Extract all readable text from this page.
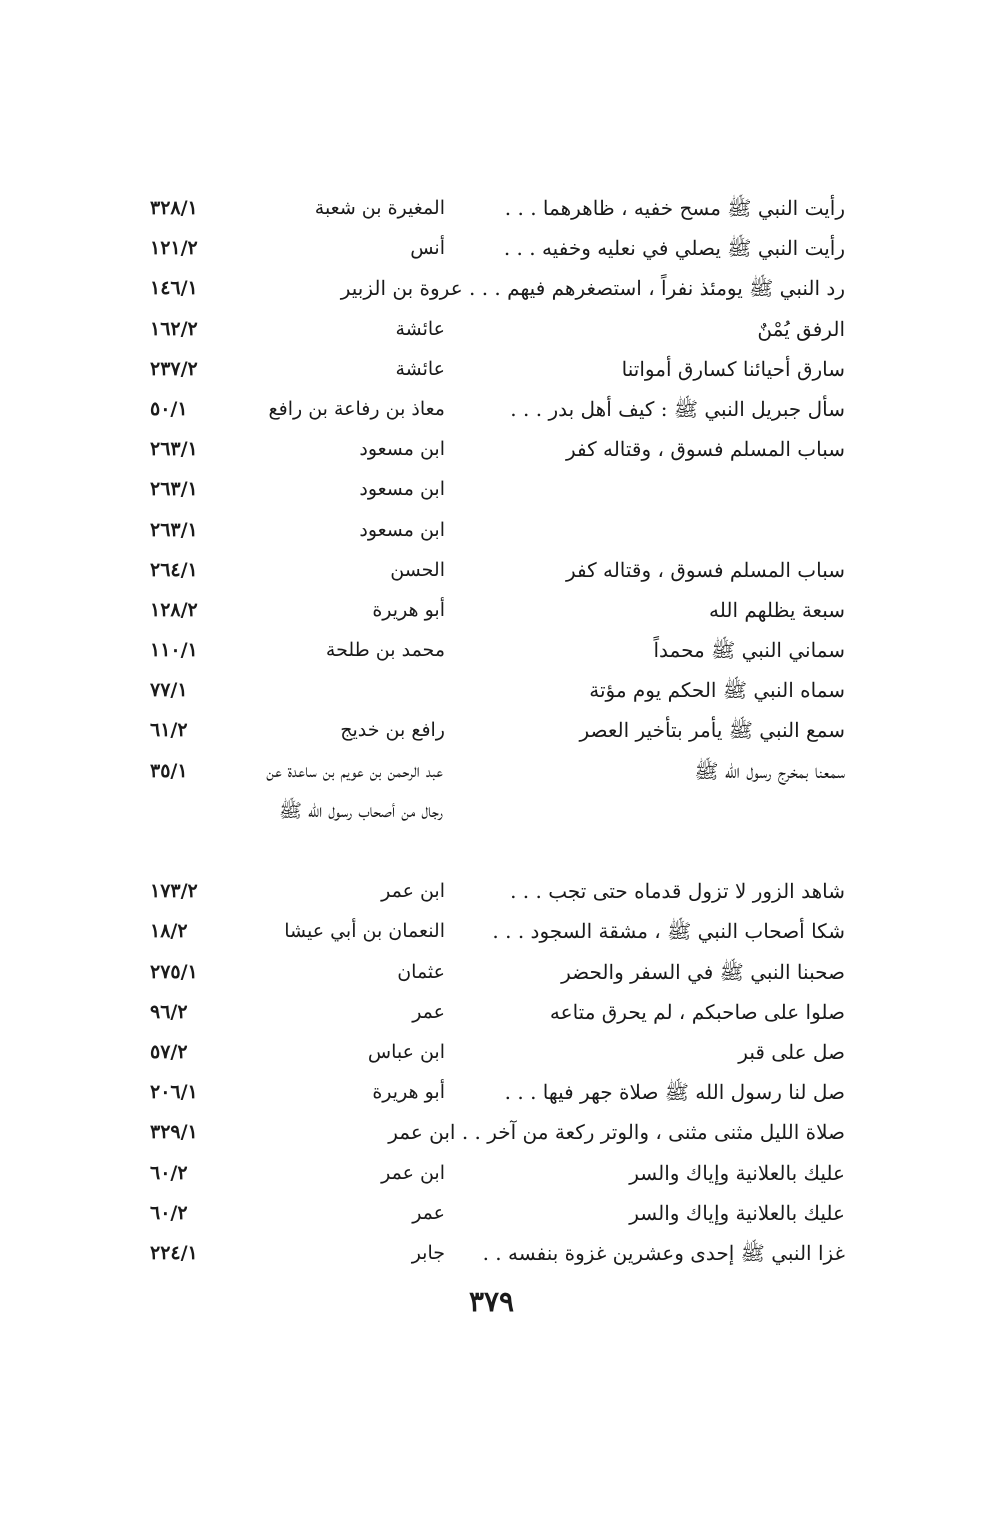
رأيت النبي ﷺ مسح خفيه ، ظاهرهما . . .
المغيرة بن شعبة
٣٢٨/١
رأيت النبي ﷺ يصلي في نعليه وخفيه . . .
أنس
١٢١/٢
رد النبي ﷺ يومئذ نفراً ، استصغرهم فيهم . . . عروة بن الزبير
١٤٦/١
الرفق يُمْنٌ
عائشة
١٦٢/٢
سارق أحيائنا كسارق أمواتنا
عائشة
٢٣٧/٢
سأل جبريل النبي ﷺ : كيف أهل بدر . . .
معاذ بن رفاعة بن رافع
٥٠/١
سباب المسلم فسوق ، وقتاله كفر
ابن مسعود
٢٦٣/١
ابن مسعود
٢٦٣/١
ابن مسعود
٢٦٣/١
سباب المسلم فسوق ، وقتاله كفر
الحسن
٢٦٤/١
سبعة يظلهم الله
أبو هريرة
١٢٨/٢
سماني النبي ﷺ محمداً
محمد بن طلحة
١١٠/١
سماه النبي ﷺ الحكم يوم مؤتة
٧٧/١
سمع النبي ﷺ يأمر بتأخير العصر
رافع بن خديج
٦١/٢
سمعنا بمخرج رسول الله ﷺ
عبد الرحمن بن عويم بن ساعدة عن رجال من أصحاب رسول الله ﷺ
٣٥/١
شاهد الزور لا تزول قدماه حتى تجب . . .
ابن عمر
١٧٣/٢
شكا أصحاب النبي ﷺ ، مشقة السجود . . .
النعمان بن أبي عيشا
١٨/٢
صحبنا النبي ﷺ في السفر والحضر
عثمان
٢٧٥/١
صلوا على صاحبكم ، لم يحرق متاعه
عمر
٩٦/٢
صل على قبر
ابن عباس
٥٧/٢
صل لنا رسول الله ﷺ صلاة جهر فيها . . .
أبو هريرة
٢٠٦/١
صلاة الليل مثنى مثنى ، والوتر ركعة من آخر . . ابن عمر
٣٢٩/١
عليك بالعلانية وإياك والسر
ابن عمر
٦٠/٢
عليك بالعلانية وإياك والسر
عمر
٦٠/٢
غزا النبي ﷺ إحدى وعشرين غزوة بنفسه . .
جابر
٢٢٤/١
٣٧٩
